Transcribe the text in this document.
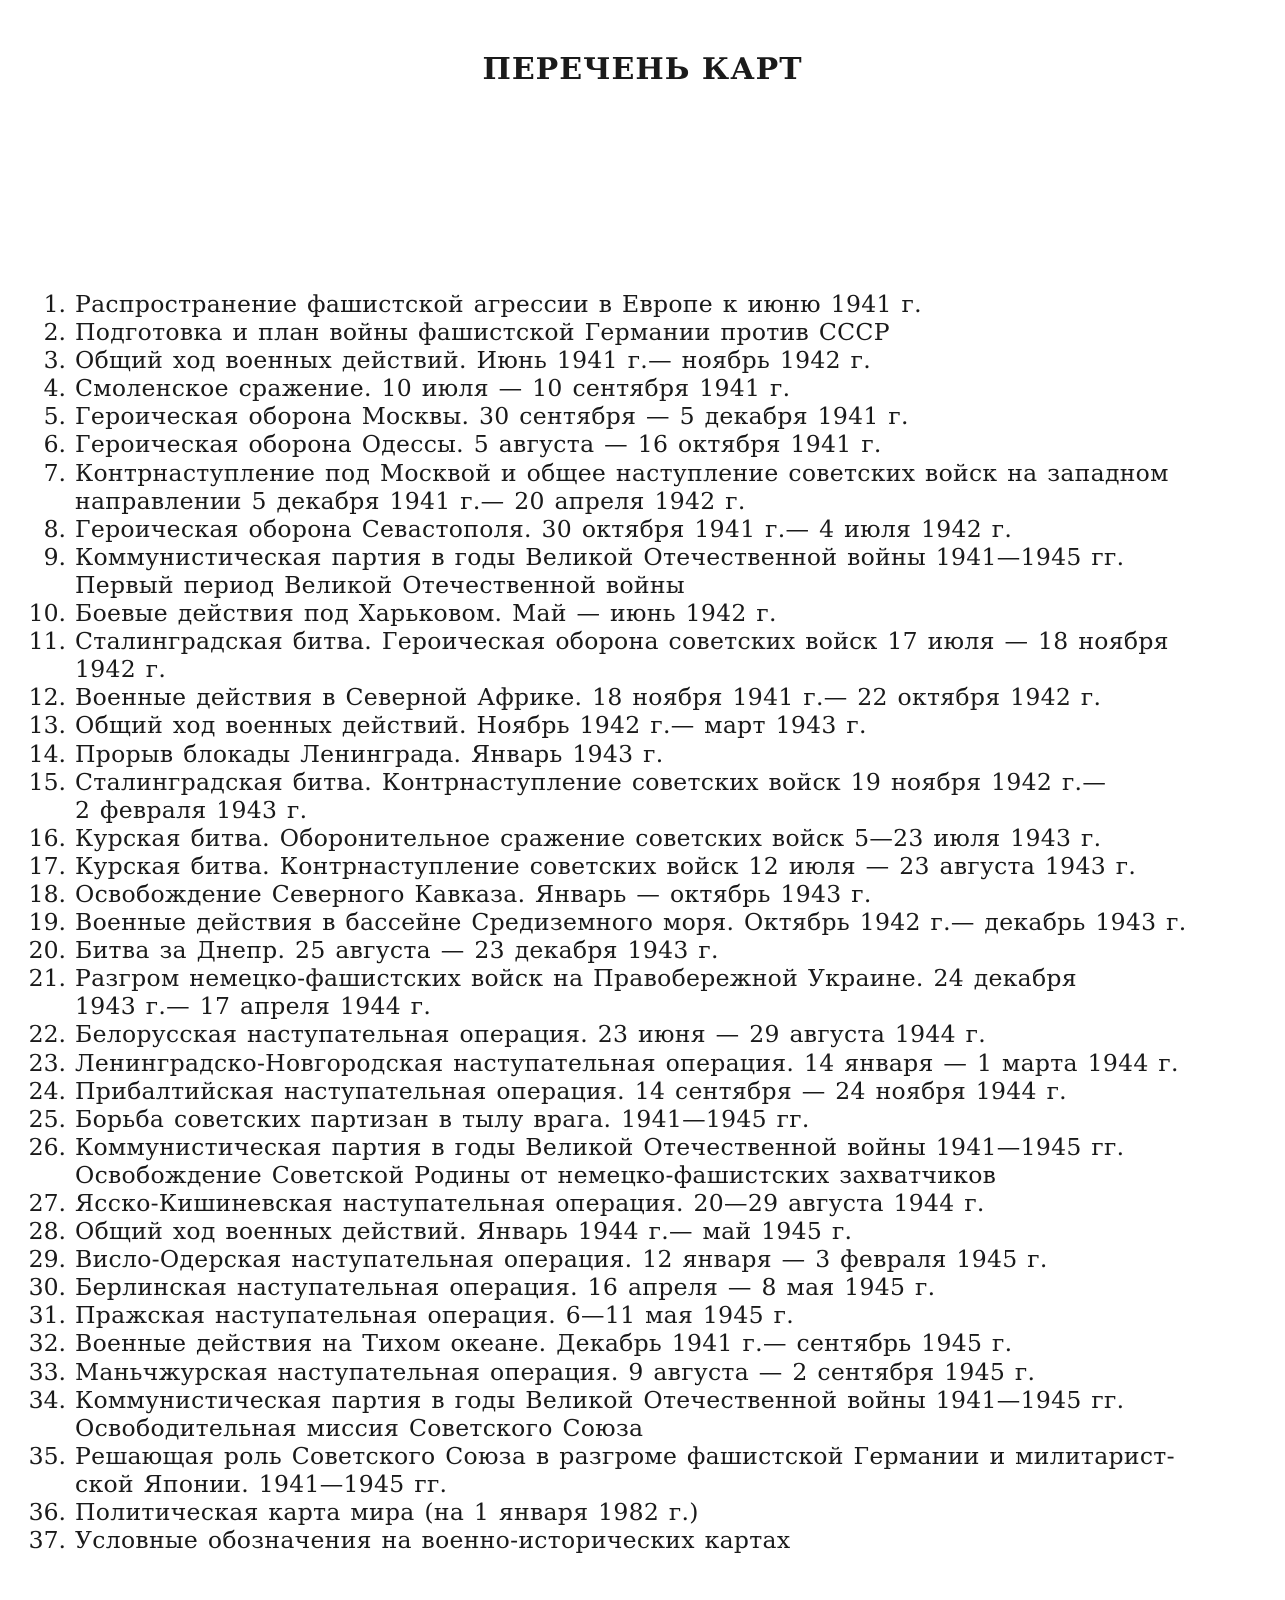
ПЕРЕЧЕНЬ КАРТ
1. Распространение фашистской агрессии в Европе к июню 1941 г.
2. Подготовка и план войны фашистской Германии против СССР
3. Общий ход военных действий. Июнь 1941 г.— ноябрь 1942 г.
4. Смоленское сражение. 10 июля — 10 сентября 1941 г.
5. Героическая оборона Москвы. 30 сентября — 5 декабря 1941 г.
6. Героическая оборона Одессы. 5 августа — 16 октября 1941 г.
7. Контрнаступление под Москвой и общее наступление советских войск на западном
направлении 5 декабря 1941 г.— 20 апреля 1942 г.
8. Героическая оборона Севастополя. 30 октября 1941 г.— 4 июля 1942 г.
9. Коммунистическая партия в годы Великой Отечественной войны 1941—1945 гг.
Первый период Великой Отечественной войны
10. Боевые действия под Харьковом. Май — июнь 1942 г.
11. Сталинградская битва. Героическая оборона советских войск 17 июля — 18 ноября
1942 г.
12. Военные действия в Северной Африке. 18 ноября 1941 г.— 22 октября 1942 г.
13. Общий ход военных действий. Ноябрь 1942 г.— март 1943 г.
14. Прорыв блокады Ленинграда. Январь 1943 г.
15. Сталинградская битва. Контрнаступление советских войск 19 ноября 1942 г.—
2 февраля 1943 г.
16. Курская битва. Оборонительное сражение советских войск 5—23 июля 1943 г.
17. Курская битва. Контрнаступление советских войск 12 июля — 23 августа 1943 г.
18. Освобождение Северного Кавказа. Январь — октябрь 1943 г.
19. Военные действия в бассейне Средиземного моря. Октябрь 1942 г.— декабрь 1943 г.
20. Битва за Днепр. 25 августа — 23 декабря 1943 г.
21. Разгром немецко-фашистских войск на Правобережной Украине. 24 декабря
1943 г.— 17 апреля 1944 г.
22. Белорусская наступательная операция. 23 июня — 29 августа 1944 г.
23. Ленинградско-Новгородская наступательная операция. 14 января — 1 марта 1944 г.
24. Прибалтийская наступательная операция. 14 сентября — 24 ноября 1944 г.
25. Борьба советских партизан в тылу врага. 1941—1945 гг.
26. Коммунистическая партия в годы Великой Отечественной войны 1941—1945 гг.
Освобождение Советской Родины от немецко-фашистских захватчиков
27. Ясско-Кишиневская наступательная операция. 20—29 августа 1944 г.
28. Общий ход военных действий. Январь 1944 г.— май 1945 г.
29. Висло-Одерская наступательная операция. 12 января — 3 февраля 1945 г.
30. Берлинская наступательная операция. 16 апреля — 8 мая 1945 г.
31. Пражская наступательная операция. 6—11 мая 1945 г.
32. Военные действия на Тихом океане. Декабрь 1941 г.— сентябрь 1945 г.
33. Маньчжурская наступательная операция. 9 августа — 2 сентября 1945 г.
34. Коммунистическая партия в годы Великой Отечественной войны 1941—1945 гг.
Освободительная миссия Советского Союза
35. Решающая роль Советского Союза в разгроме фашистской Германии и милитарист-
ской Японии. 1941—1945 гг.
36. Политическая карта мира (на 1 января 1982 г.)
37. Условные обозначения на военно-исторических картах
